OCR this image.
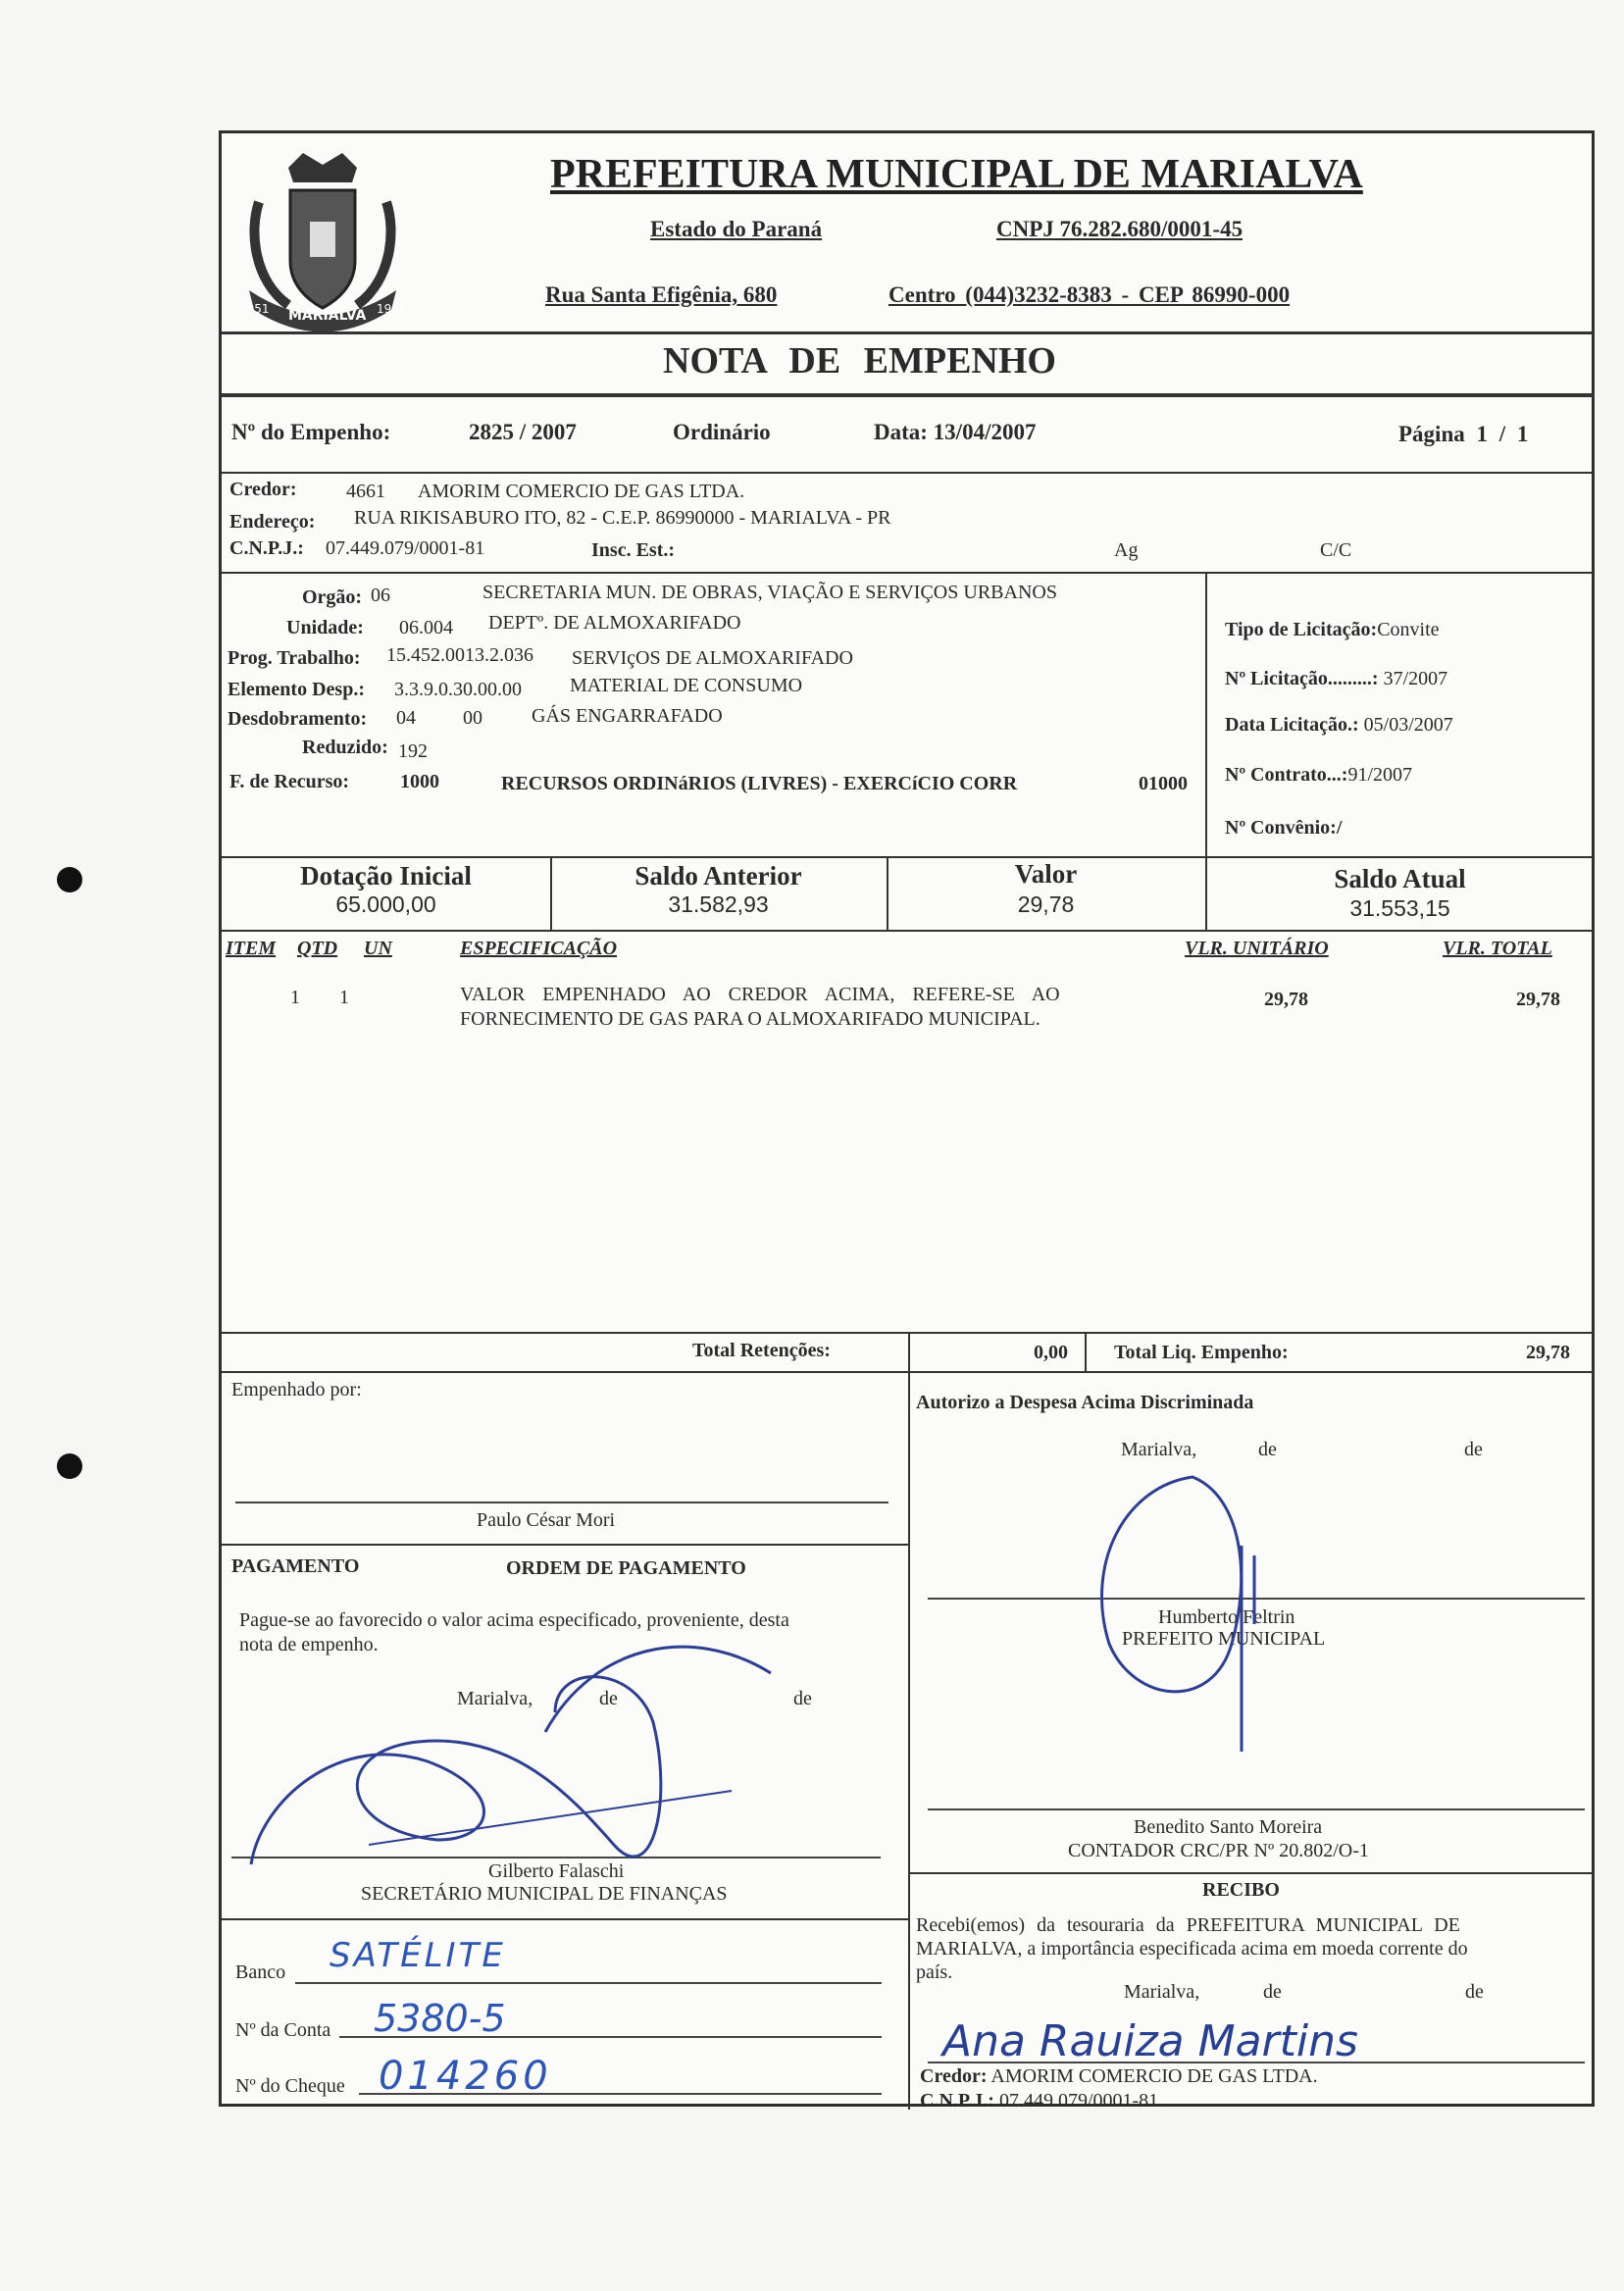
MARIALVA
1951	1951
PREFEITURA MUNICIPAL DE MARIALVA
Estado do Paraná	CNPJ 76.282.680/0001-45
Rua Santa Efigênia, 680	Centro (044)3232-8383 - CEP 86990-000
NOTA DE EMPENHO
Nº do Empenho:	2825 / 2007	Ordinário	Data: 13/04/2007	Página 1 / 1
Credor:	4661 AMORIM COMERCIO DE GAS LTDA.
Endereço: RUA RIKISABURO ITO, 82 - C.E.P. 86990000 - MARIALVA - PR
C.N.P.J.: 07.449.079/0001-81	Insc. Est.:	Ag	C/C
Orgão: 06	SECRETARIA MUN. DE OBRAS, VIAÇÃO E SERVIÇOS URBANOS
Unidade: 06.004 DEPTº. DE ALMOXARIFADO
Prog. Trabalho: 15.452.0013.2.036 SERVIçOS DE ALMOXARIFADO
Elemento Desp.: 3.3.9.0.30.00.00 MATERIAL DE CONSUMO
Desdobramento: 04 00	GÁS ENGARRAFADO
Reduzido: 192
F. de Recurso:	1000	RECURSOS ORDINáRIOS (LIVRES) - EXERCíCIO CORR	01000
Tipo de Licitação:Convite
Nº Licitação.........: 37/2007
Data Licitação.: 05/03/2007
Nº Contrato...:91/2007
Nº Convênio:/
Dotação Inicial
65.000,00
Saldo Anterior
31.582,93
Valor
29,78
Saldo Atual
31.553,15
ITEM QTD UN	ESPECIFICAÇÃO	VLR. UNITÁRIO	VLR. TOTAL
1 1	VALOR EMPENHADO AO CREDOR ACIMA, REFERE-SE AO
FORNECIMENTO DE GAS PARA O ALMOXARIFADO MUNICIPAL.
29,78	29,78
Total Retenções:	0,00 Total Liq. Empenho:	29,78
Empenhado por:
Paulo César Mori
PAGAMENTO	ORDEM DE PAGAMENTO
Pague-se ao favorecido o valor acima especificado, proveniente, desta
nota de empenho.
Marialva,	de	de
Gilberto Falaschi
SECRETÁRIO MUNICIPAL DE FINANÇAS
Banco SATÉLITE
Nº da Conta 5380-5
Nº do Cheque 014260
Autorizo a Despesa Acima Discriminada
Marialva,	de	de
Humberto Feltrin
PREFEITO MUNICIPAL
Benedito Santo Moreira
CONTADOR CRC/PR Nº 20.802/O-1
RECIBO
Recebi(emos) da tesouraria da PREFEITURA MUNICIPAL DE
MARIALVA, a importância especificada acima em moeda corrente do
país.
Marialva,	de	de
Ana Rauiza Martins
Credor: AMORIM COMERCIO DE GAS LTDA.
C.N.P.J.: 07.449.079/0001-81
